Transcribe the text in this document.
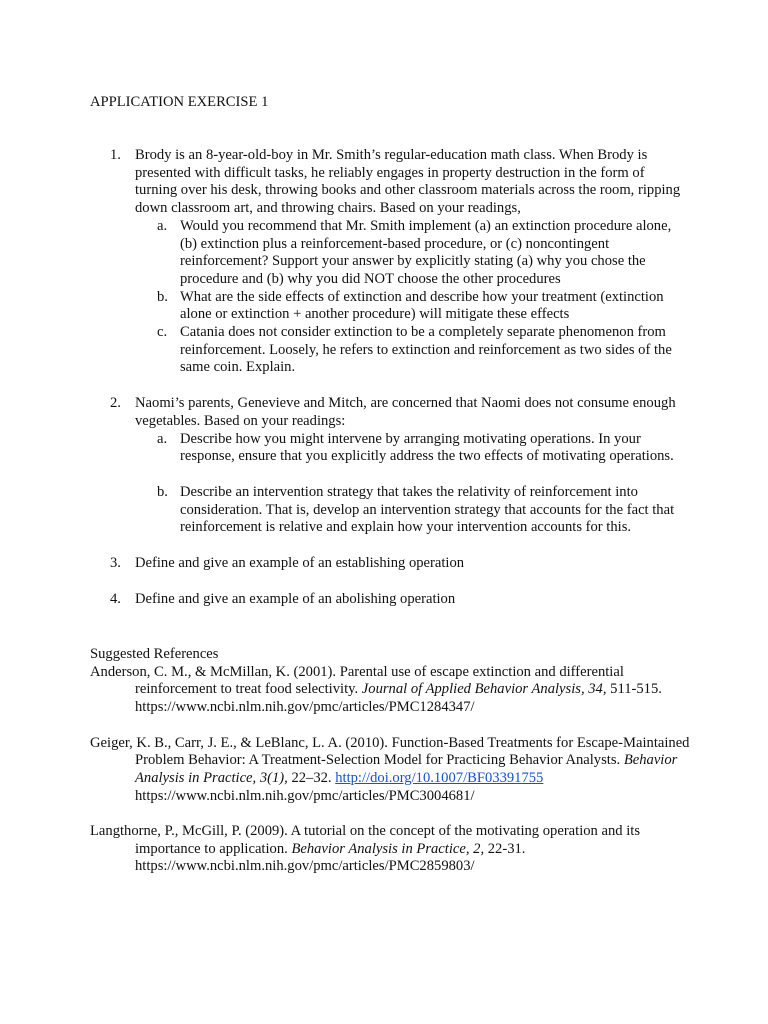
APPLICATION EXERCISE 1
1. Brody is an 8-year-old-boy in Mr. Smith’s regular-education math class. When Brody is presented with difficult tasks, he reliably engages in property destruction in the form of turning over his desk, throwing books and other classroom materials across the room, ripping down classroom art, and throwing chairs. Based on your readings,
a. Would you recommend that Mr. Smith implement (a) an extinction procedure alone, (b) extinction plus a reinforcement-based procedure, or (c) noncontingent reinforcement? Support your answer by explicitly stating (a) why you chose the procedure and (b) why you did NOT choose the other procedures
b. What are the side effects of extinction and describe how your treatment (extinction alone or extinction + another procedure) will mitigate these effects
c. Catania does not consider extinction to be a completely separate phenomenon from reinforcement. Loosely, he refers to extinction and reinforcement as two sides of the same coin. Explain.
2. Naomi’s parents, Genevieve and Mitch, are concerned that Naomi does not consume enough vegetables. Based on your readings:
a. Describe how you might intervene by arranging motivating operations. In your response, ensure that you explicitly address the two effects of motivating operations.
b. Describe an intervention strategy that takes the relativity of reinforcement into consideration. That is, develop an intervention strategy that accounts for the fact that reinforcement is relative and explain how your intervention accounts for this.
3. Define and give an example of an establishing operation
4. Define and give an example of an abolishing operation
Suggested References
Anderson, C. M., & McMillan, K. (2001). Parental use of escape extinction and differential reinforcement to treat food selectivity. Journal of Applied Behavior Analysis, 34, 511-515. https://www.ncbi.nlm.nih.gov/pmc/articles/PMC1284347/
Geiger, K. B., Carr, J. E., & LeBlanc, L. A. (2010). Function-Based Treatments for Escape-Maintained Problem Behavior: A Treatment-Selection Model for Practicing Behavior Analysts. Behavior Analysis in Practice, 3(1), 22–32. http://doi.org/10.1007/BF03391755 https://www.ncbi.nlm.nih.gov/pmc/articles/PMC3004681/
Langthorne, P., McGill, P. (2009). A tutorial on the concept of the motivating operation and its importance to application. Behavior Analysis in Practice, 2, 22-31. https://www.ncbi.nlm.nih.gov/pmc/articles/PMC2859803/
